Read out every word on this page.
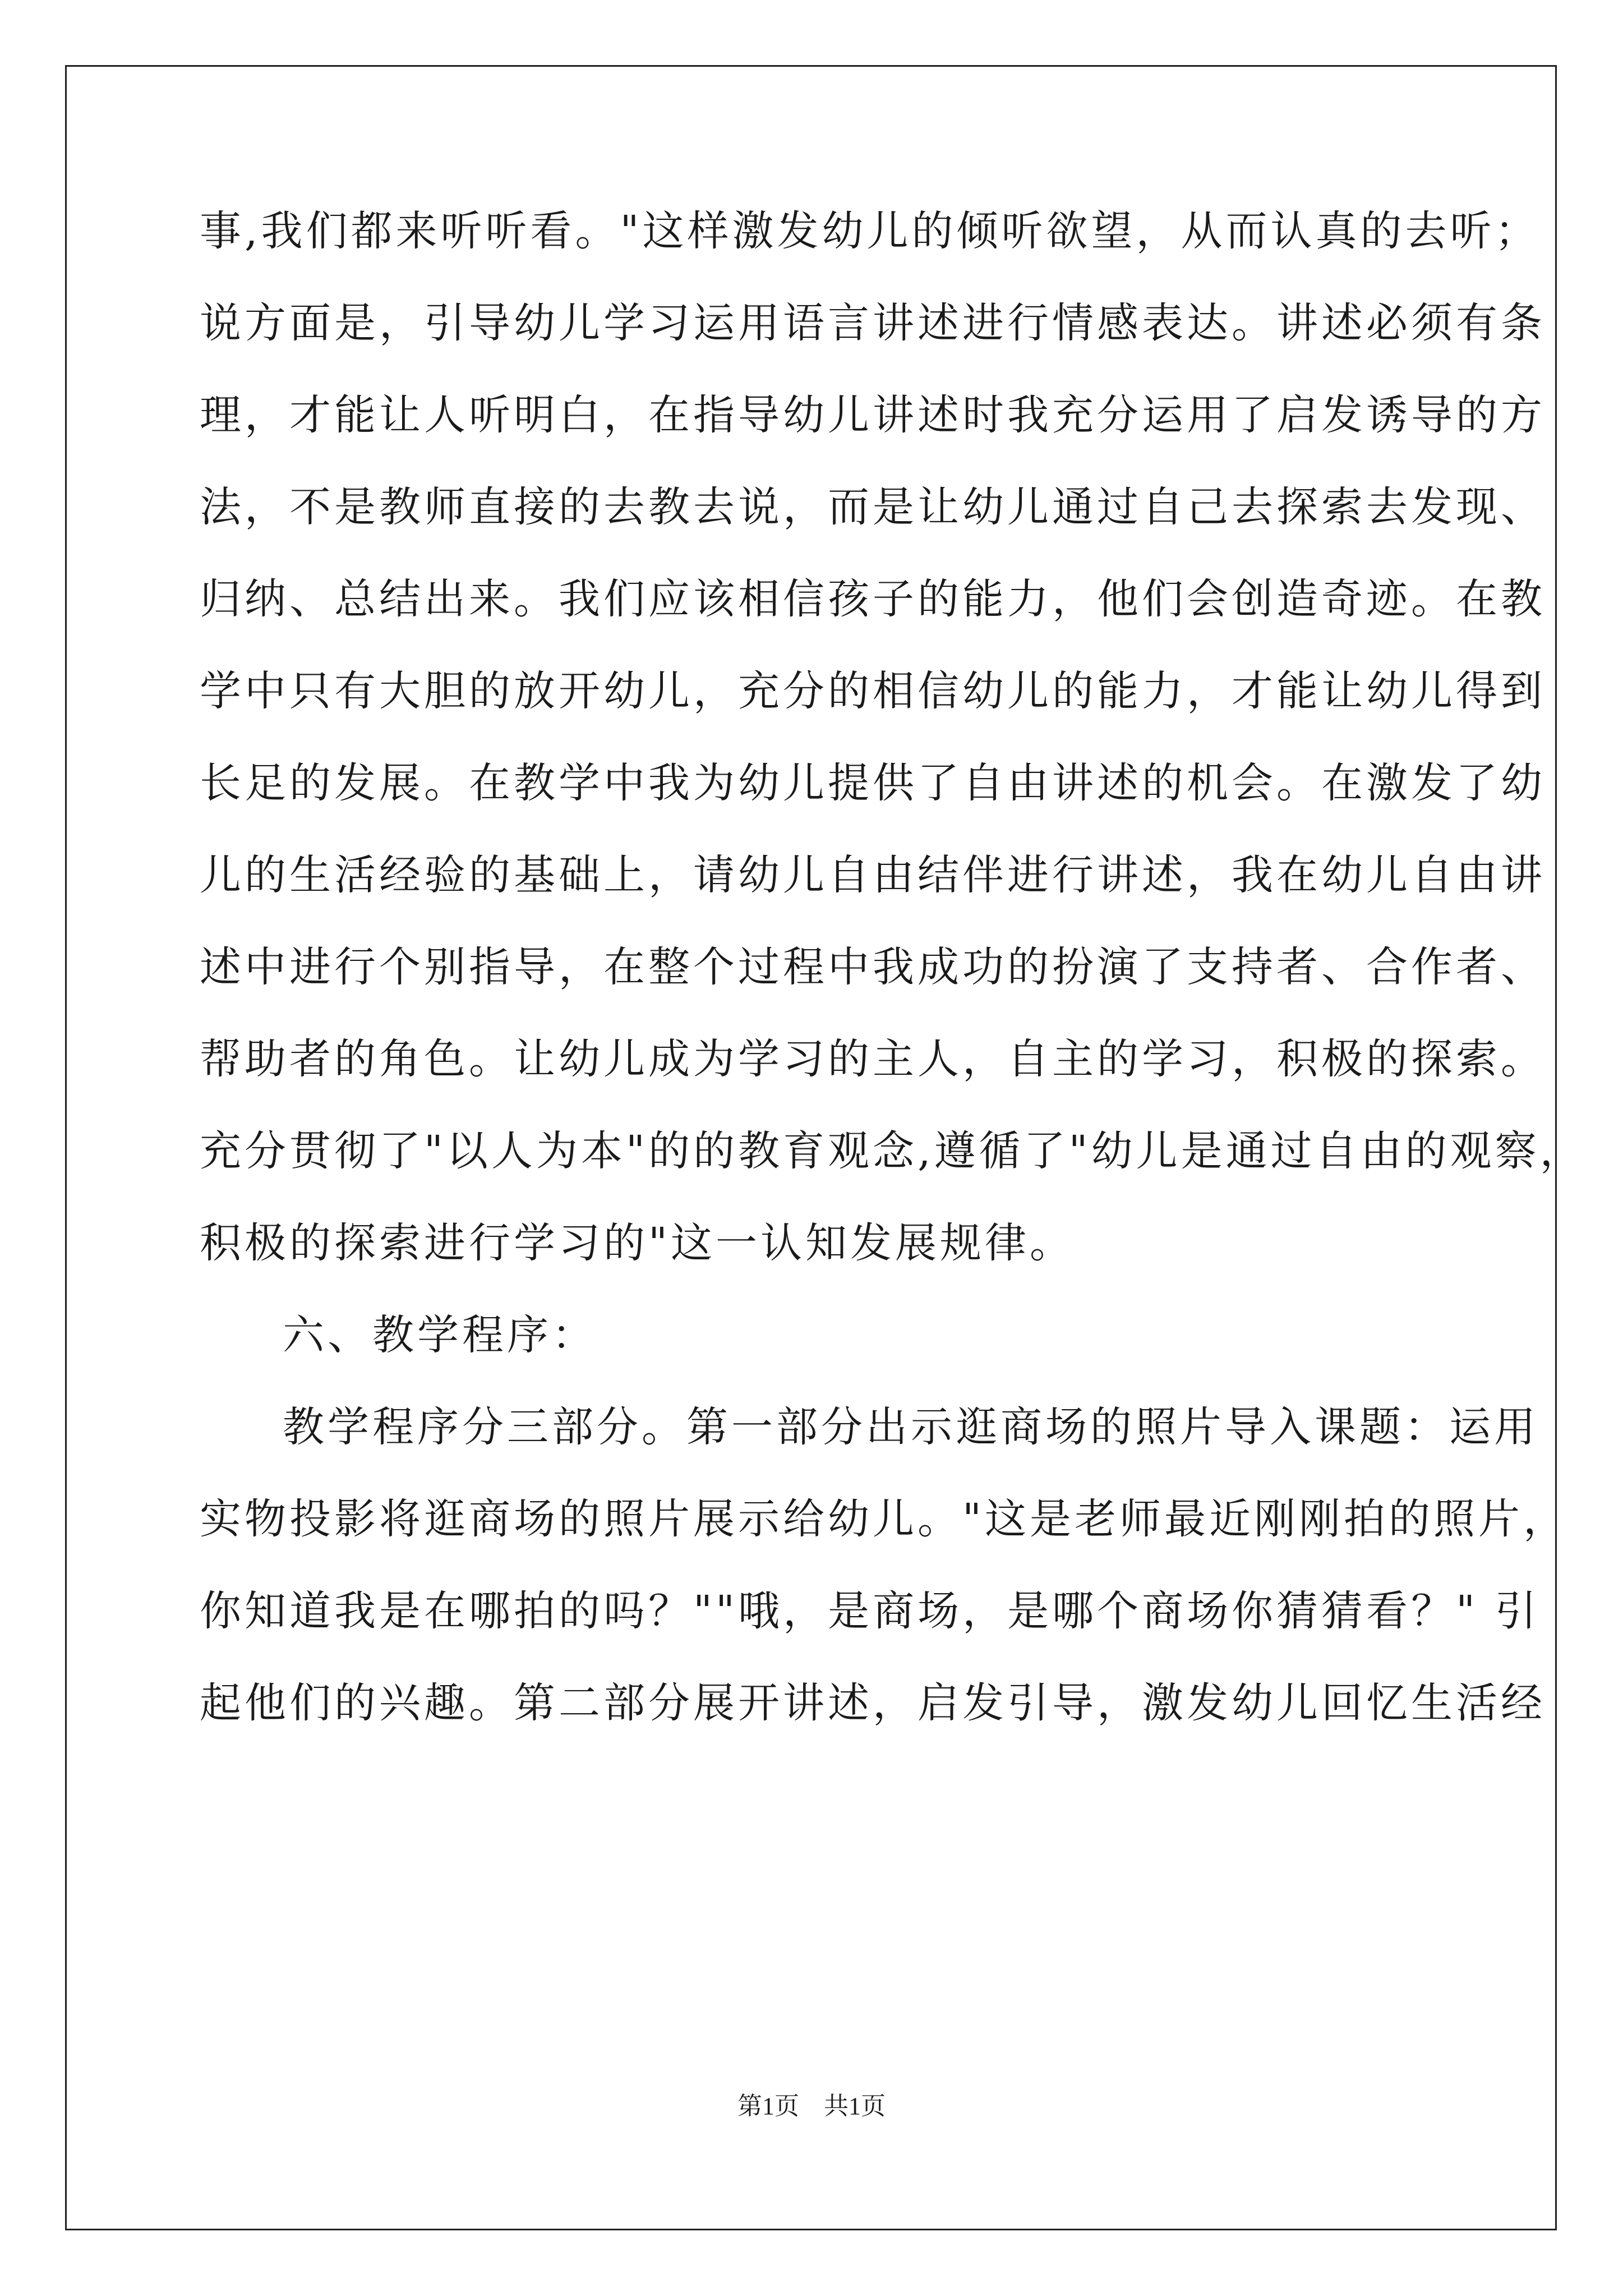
事,我们都来听听看。"这样激发幼儿的倾听欲望，从而认真的去听；
说方面是，引导幼儿学习运用语言讲述进行情感表达。讲述必须有条
理，才能让人听明白，在指导幼儿讲述时我充分运用了启发诱导的方
法，不是教师直接的去教去说，而是让幼儿通过自己去探索去发现、
归纳、总结出来。我们应该相信孩子的能力，他们会创造奇迹。在教
学中只有大胆的放开幼儿，充分的相信幼儿的能力，才能让幼儿得到
长足的发展。在教学中我为幼儿提供了自由讲述的机会。在激发了幼
儿的生活经验的基础上，请幼儿自由结伴进行讲述，我在幼儿自由讲
述中进行个别指导，在整个过程中我成功的扮演了支持者、合作者、
帮助者的角色。让幼儿成为学习的主人，自主的学习，积极的探索。
充分贯彻了"以人为本"的的教育观念,遵循了"幼儿是通过自由的观察，
积极的探索进行学习的"这一认知发展规律。
六、教学程序：
教学程序分三部分。第一部分出示逛商场的照片导入课题：运用
实物投影将逛商场的照片展示给幼儿。"这是老师最近刚刚拍的照片，
你知道我是在哪拍的吗？""哦，是商场，是哪个商场你猜猜看？" 引
起他们的兴趣。第二部分展开讲述，启发引导，激发幼儿回忆生活经
第1页　共1页
